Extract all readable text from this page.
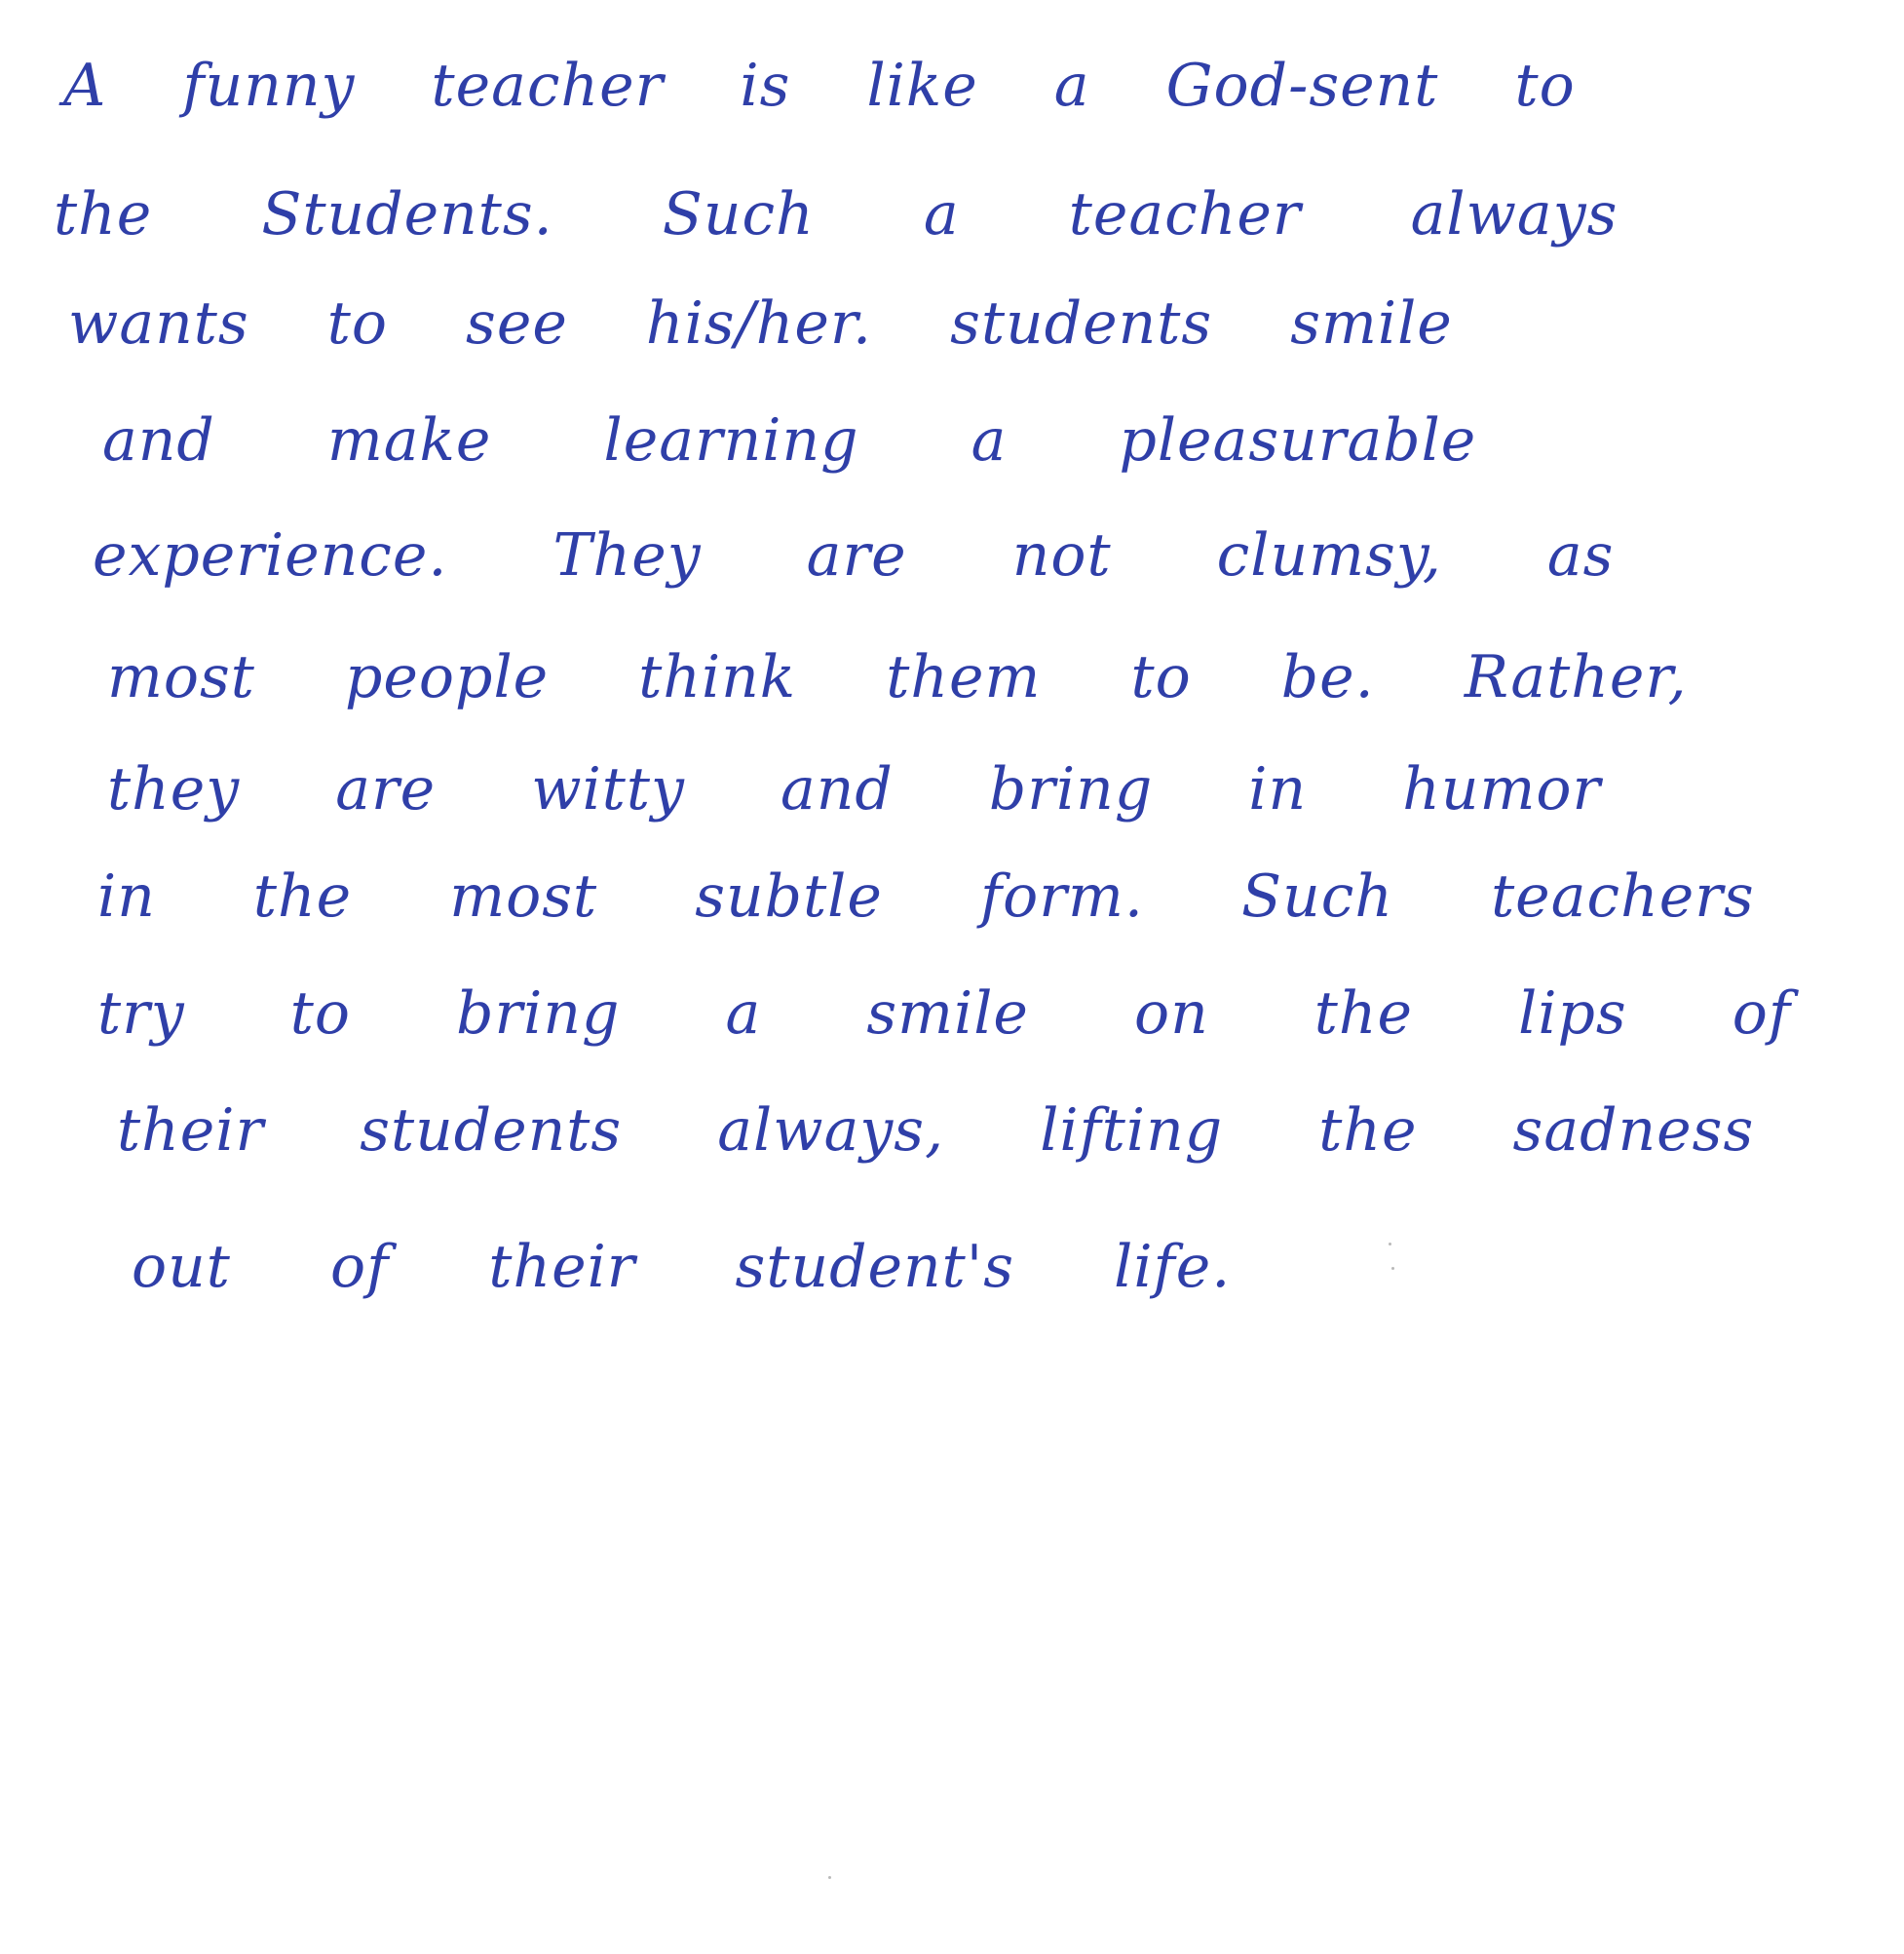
A funny teacher is like a God-sent to
the Students. Such a teacher always
wants to see his/her. students smile
and make learning a pleasurable
experience. They are not clumsy, as
most people think them to be. Rather,
they are witty and bring in humor
in the most subtle form. Such teachers
try to bring a smile on the lips of
their students always, lifting the sadness
out of their student's life.
